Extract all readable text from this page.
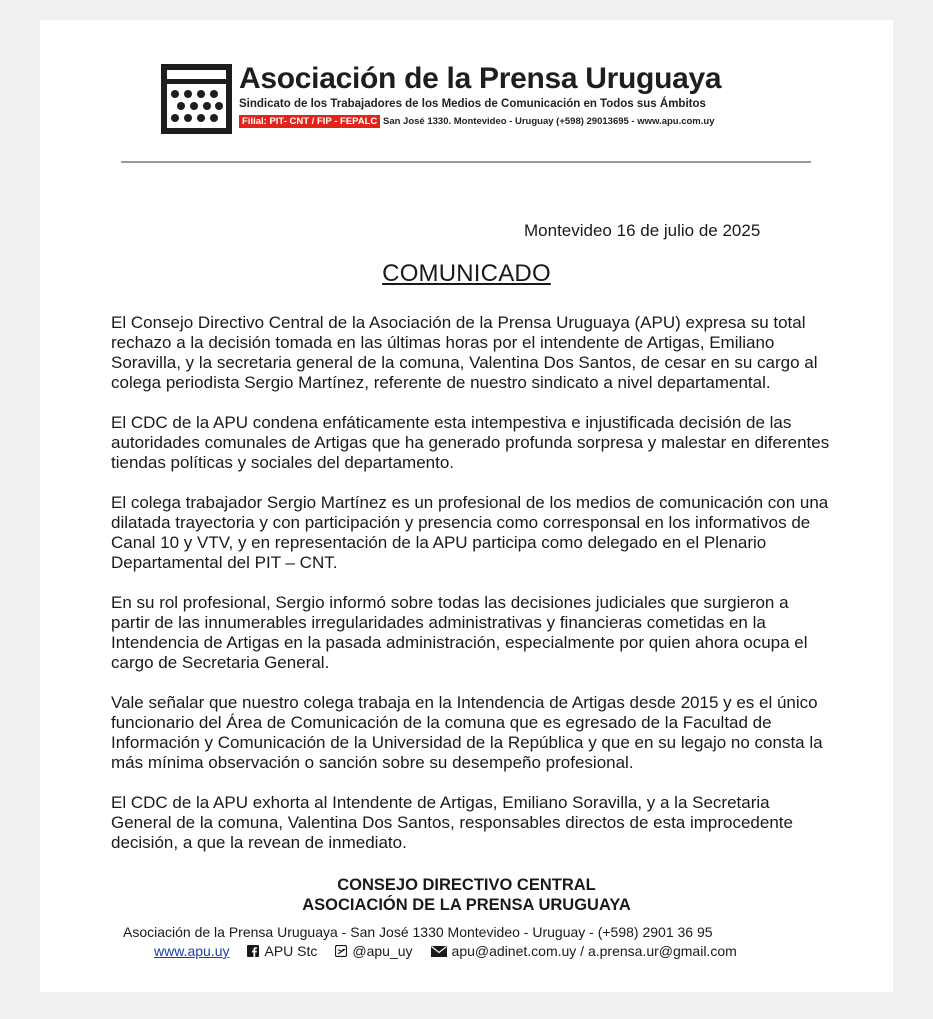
Asociación de la Prensa Uruguaya
Sindicato de los Trabajadores de los Medios de Comunicación en Todos sus Ámbitos
Filial: PIT- CNT / FIP - FEPALC San José 1330. Montevideo - Uruguay (+598) 29013695 - www.apu.com.uy
Montevideo 16 de julio de 2025
COMUNICADO

El Consejo Directivo Central de la Asociación de la Prensa Uruguaya (APU) expresa su total rechazo a la decisión tomada en las últimas horas por el intendente de Artigas, Emiliano Soravilla, y la secretaria general de la comuna, Valentina Dos Santos, de cesar en su cargo al colega periodista Sergio Martínez, referente de nuestro sindicato a nivel departamental.

El CDC de la APU condena enfáticamente esta intempestiva e injustificada decisión de las autoridades comunales de Artigas que ha generado profunda sorpresa y malestar en diferentes tiendas políticas y sociales del departamento.

El colega trabajador Sergio Martínez es un profesional de los medios de comunicación con una dilatada trayectoria y con participación y presencia como corresponsal en los informativos de Canal 10 y VTV, y en representación de la APU participa como delegado en el Plenario Departamental del PIT – CNT.

En su rol profesional, Sergio informó sobre todas las decisiones judiciales que surgieron a partir de las innumerables irregularidades administrativas y financieras cometidas en la Intendencia de Artigas en la pasada administración, especialmente por quien ahora ocupa el cargo de Secretaria General.

Vale señalar que nuestro colega trabaja en la Intendencia de Artigas desde 2015 y es el único funcionario del Área de Comunicación de la comuna que es egresado de la Facultad de Información y Comunicación de la Universidad de la República y que en su legajo no consta la más mínima observación o sanción sobre su desempeño profesional.

El CDC de la APU exhorta al Intendente de Artigas, Emiliano Soravilla, y a la Secretaria General de la comuna, Valentina Dos Santos, responsables directos de esta improcedente decisión, a que la revean de inmediato.

CONSEJO DIRECTIVO CENTRAL
ASOCIACIÓN DE LA PRENSA URUGUAYA
Asociación de la Prensa Uruguaya - San José 1330 Montevideo - Uruguay - (+598) 2901 36 95
www.apu.uy	APU Stc	@apu_uy	apu@adinet.com.uy / a.prensa.ur@gmail.com
